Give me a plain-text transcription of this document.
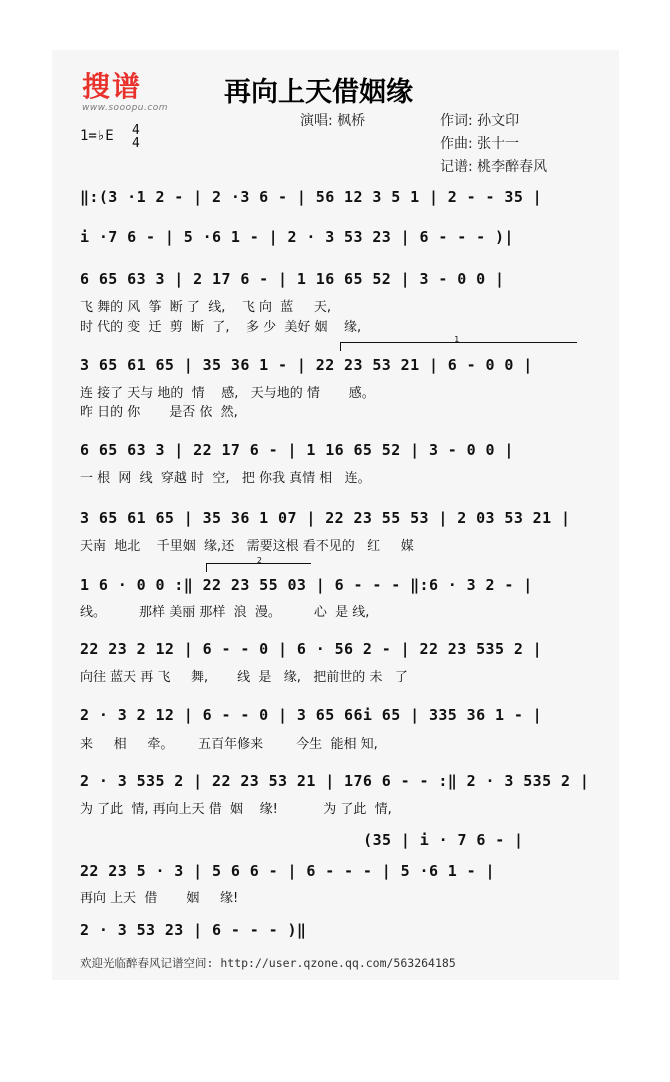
搜谱
www.sooopu.com 再向上天借姻缘
演唱: 枫桥	作词: 孙文印
作曲: 张十一
记谱: 桃李醉春风
1=♭E 4
4
‖:(3 ·1 2 - | 2 ·3 6 - | 56 12 3 5 1 | 2 - - 35 |
i ·7 6 - | 5 ·6 1 - | 2 · 3 53 23 | 6 - - - )|
6 65 63 3 | 2 17 6 - | 1 16 65 52 | 3 - 0 0 |
飞 舞的 风  筝  断 了  线,    飞 向  蓝     天,
时 代的 变  迁  剪  断  了,    多 少  美好 姻    缘,
1
3 65 61 65 | 35 36 1 - | 22 23 53 21 | 6 - 0 0 |
连 接了 天与 地的  情    感,   天与地的 情       感。
昨 日的 你       是否 依  然,
6 65 63 3 | 22 17 6 - | 1 16 65 52 | 3 - 0 0 |
一 根  网  线  穿越 时  空,   把 你我 真情 相   连。
3 65 61 65 | 35 36 1 07 | 22 23 55 53 | 2 03 53 21 |
天南  地北    千里姻  缘,还   需要这根 看不见的   红     媒
2
1 6 · 0 0 :‖ 22 23 55 03 | 6 - - - ‖:6 · 3 2 - |
线。        那样 美丽 那样  浪  漫。        心  是 线,
22 23 2 12 | 6 - - 0 | 6 · 56 2 - | 22 23 535 2 |
向往 蓝天 再 飞     舞,       线  是   缘,   把前世的 未   了
2 · 3 2 12 | 6 - - 0 | 3 65 66i 65 | 335 36 1 - |
来     相     牵。      五百年修来        今生  能相 知,
2 · 3 535 2 | 22 23 53 21 | 176 6 - - :‖ 2 · 3 535 2 |
为 了此  情, 再向上天 借  姻    缘!           为 了此  情,
(35 | i · 7 6 - |
22 23 5 · 3 | 5 6 6 - | 6 - - - | 5 ·6 1 - |
再向 上天  借       姻     缘!
2 · 3 53 23 | 6 - - - )‖
欢迎光临醉春风记谱空间: http://user.qzone.qq.com/563264185
